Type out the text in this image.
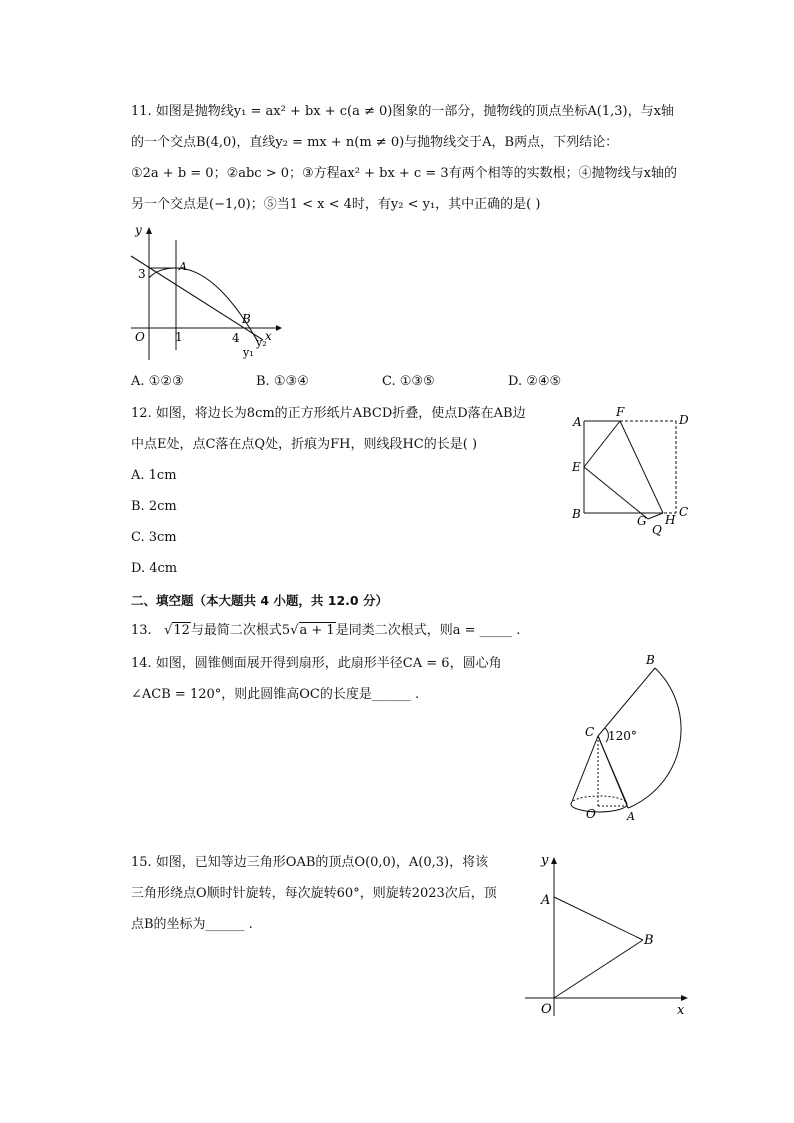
11. 如图是抛物线y₁ = ax² + bx + c(a ≠ 0)图象的一部分，抛物线的顶点坐标A(1,3)，与x轴
的一个交点B(4,0)，直线y₂ = mx + n(m ≠ 0)与抛物线交于A，B两点，下列结论：
①2a + b = 0；②abc > 0；③方程ax² + bx + c = 3有两个相等的实数根；④抛物线与x轴的
另一个交点是(−1,0)；⑤当1 < x < 4时，有y₂ < y₁，其中正确的是( )
y
x
O
3
1	4
A
B
y₂
y₁
A. ①②③	B. ①③④	C. ①③⑤	D. ②④⑤
12. 如图，将边长为8cm的正方形纸片ABCD折叠，使点D落在AB边
中点E处，点C落在点Q处，折痕为FH，则线段HC的长是( )
A. 1cm
B. 2cm
C. 3cm
D. 4cm
A
F
D
E
B	G H
C
Q
二、填空题（本大题共 4 小题，共 12.0 分）
13.   √12与最简二次根式5√a + 1是同类二次根式，则a = _____ .
14. 如图，圆锥侧面展开得到扇形，此扇形半径CA = 6，圆心角
∠ACB = 120°，则此圆锥高OC的长度是______ .
B
C 120°
O	A
15. 如图，已知等边三角形OAB的顶点O(0,0)，A(0,3)，将该
三角形绕点O顺时针旋转，每次旋转60°，则旋转2023次后，顶
点B的坐标为______ .
y
x
A
B
O
